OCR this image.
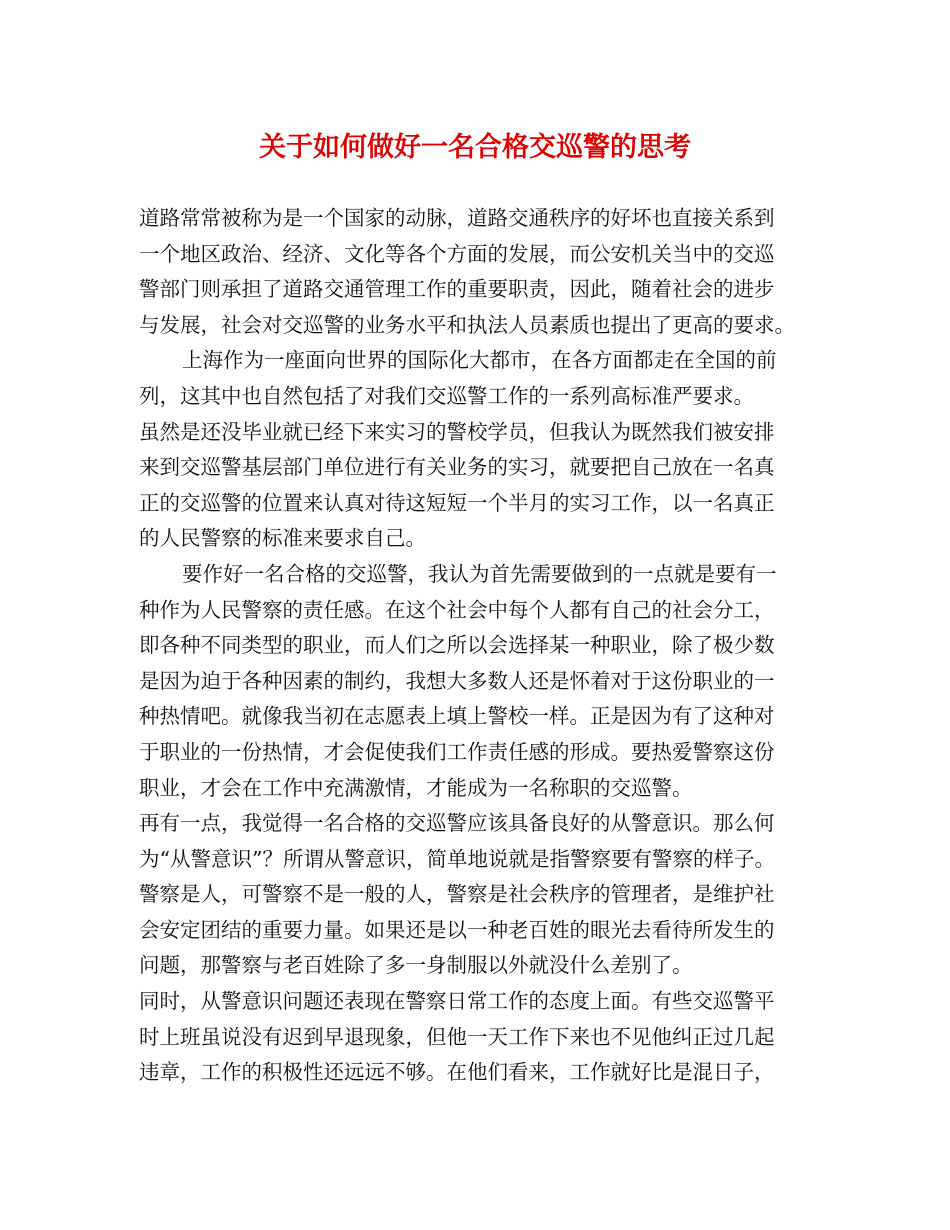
关于如何做好一名合格交巡警的思考
道路常常被称为是一个国家的动脉，道路交通秩序的好坏也直接关系到
一个地区政治、经济、文化等各个方面的发展，而公安机关当中的交巡
警部门则承担了道路交通管理工作的重要职责，因此，随着社会的进步
与发展，社会对交巡警的业务水平和执法人员素质也提出了更高的要求。
上海作为一座面向世界的国际化大都市，在各方面都走在全国的前
列，这其中也自然包括了对我们交巡警工作的一系列高标准严要求。
虽然是还没毕业就已经下来实习的警校学员，但我认为既然我们被安排
来到交巡警基层部门单位进行有关业务的实习，就要把自己放在一名真
正的交巡警的位置来认真对待这短短一个半月的实习工作，以一名真正
的人民警察的标准来要求自己。
要作好一名合格的交巡警，我认为首先需要做到的一点就是要有一
种作为人民警察的责任感。在这个社会中每个人都有自己的社会分工，
即各种不同类型的职业，而人们之所以会选择某一种职业，除了极少数
是因为迫于各种因素的制约，我想大多数人还是怀着对于这份职业的一
种热情吧。就像我当初在志愿表上填上警校一样。正是因为有了这种对
于职业的一份热情，才会促使我们工作责任感的形成。要热爱警察这份
职业，才会在工作中充满激情，才能成为一名称职的交巡警。
再有一点，我觉得一名合格的交巡警应该具备良好的从警意识。那么何
为“从警意识”？所谓从警意识，简单地说就是指警察要有警察的样子。
警察是人，可警察不是一般的人，警察是社会秩序的管理者，是维护社
会安定团结的重要力量。如果还是以一种老百姓的眼光去看待所发生的
问题，那警察与老百姓除了多一身制服以外就没什么差别了。
同时，从警意识问题还表现在警察日常工作的态度上面。有些交巡警平
时上班虽说没有迟到早退现象，但他一天工作下来也不见他纠正过几起
违章，工作的积极性还远远不够。在他们看来，工作就好比是混日子，
